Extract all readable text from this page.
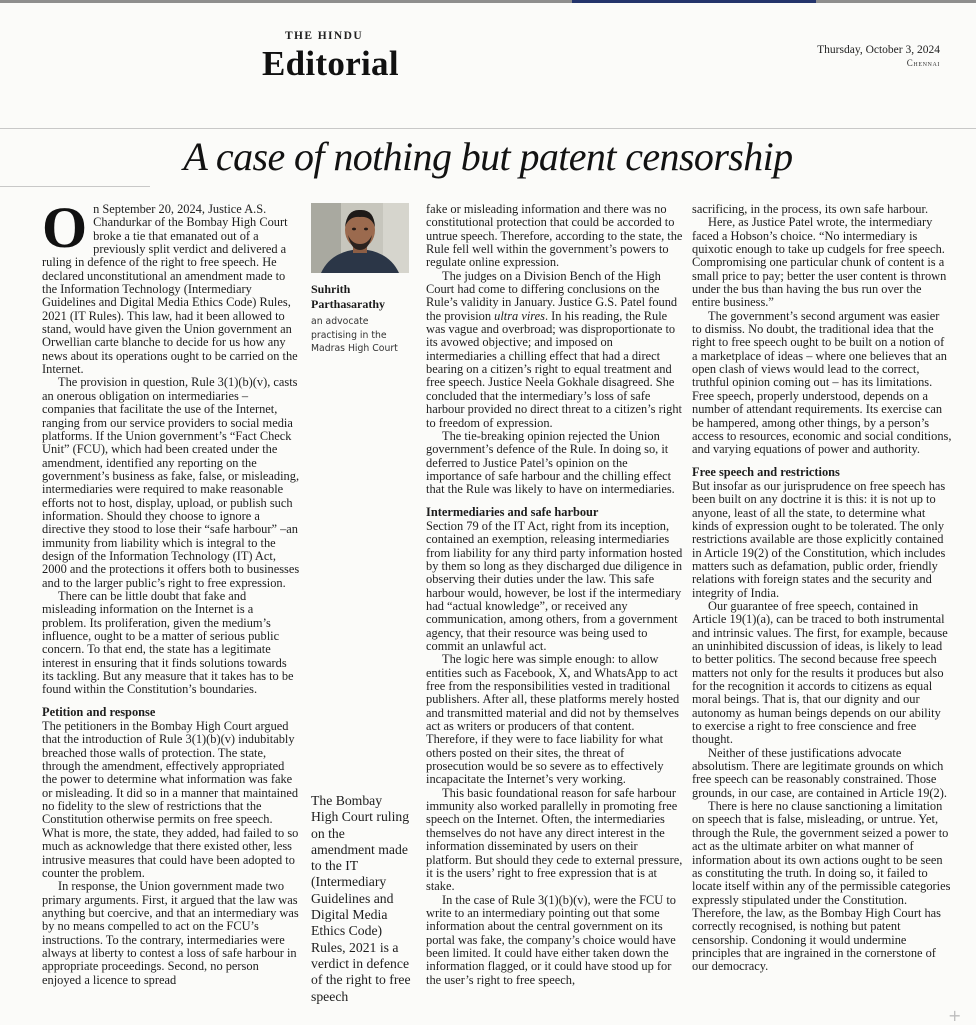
THE HINDU
Editorial	Thursday, October 3, 2024
Chennai
A case of nothing but patent censorship

On September 20, 2024, Justice A.S. Chandurkar of the Bombay High Court broke a tie that emanated out of a previously split verdict and delivered a ruling in defence of the right to free speech. He declared unconstitutional an amendment made to the Information Technology (Intermediary Guidelines and Digital Media Ethics Code) Rules, 2021 (IT Rules). This law, had it been allowed to stand, would have given the Union government an Orwellian carte blanche to decide for us how any news about its operations ought to be carried on the Internet.

The provision in question, Rule 3(1)(b)(v), casts an onerous obligation on intermediaries – companies that facilitate the use of the Internet, ranging from our service providers to social media platforms. If the Union government’s “Fact Check Unit” (FCU), which had been created under the amendment, identified any reporting on the government’s business as fake, false, or misleading, intermediaries were required to make reasonable efforts not to host, display, upload, or publish such information. Should they choose to ignore a directive they stood to lose their “safe harbour” –an immunity from liability which is integral to the design of the Information Technology (IT) Act, 2000 and the protections it offers both to businesses and to the larger public’s right to free expression.

There can be little doubt that fake and misleading information on the Internet is a problem. Its proliferation, given the medium’s influence, ought to be a matter of serious public concern. To that end, the state has a legitimate interest in ensuring that it finds solutions towards its tackling. But any measure that it takes has to be found within the Constitution’s boundaries.

Petition and response

The petitioners in the Bombay High Court argued that the introduction of Rule 3(1)(b)(v) indubitably breached those walls of protection. The state, through the amendment, effectively appropriated the power to determine what information was fake or misleading. It did so in a manner that maintained no fidelity to the slew of restrictions that the Constitution otherwise permits on free speech. What is more, the state, they added, had failed to so much as acknowledge that there existed other, less intrusive measures that could have been adopted to counter the problem.

In response, the Union government made two primary arguments. First, it argued that the law was anything but coercive, and that an intermediary was by no means compelled to act on the FCU’s instructions. To the contrary, intermediaries were always at liberty to contest a loss of safe harbour in appropriate proceedings. Second, no person enjoyed a licence to spread

Suhrith Parthasarathy
an advocate practising in the Madras High Court
The Bombay High Court ruling on the amendment made to the IT (Intermediary Guidelines and Digital Media Ethics Code) Rules, 2021 is a verdict in defence of the right to free speech

fake or misleading information and there was no constitutional protection that could be accorded to untrue speech. Therefore, according to the state, the Rule fell well within the government’s powers to regulate online expression.

The judges on a Division Bench of the High Court had come to differing conclusions on the Rule’s validity in January. Justice G.S. Patel found the provision ultra vires. In his reading, the Rule was vague and overbroad; was disproportionate to its avowed objective; and imposed on intermediaries a chilling effect that had a direct bearing on a citizen’s right to equal treatment and free speech. Justice Neela Gokhale disagreed. She concluded that the intermediary’s loss of safe harbour provided no direct threat to a citizen’s right to freedom of expression.

The tie-breaking opinion rejected the Union government’s defence of the Rule. In doing so, it deferred to Justice Patel’s opinion on the importance of safe harbour and the chilling effect that the Rule was likely to have on intermediaries.

Intermediaries and safe harbour

Section 79 of the IT Act, right from its inception, contained an exemption, releasing intermediaries from liability for any third party information hosted by them so long as they discharged due diligence in observing their duties under the law. This safe harbour would, however, be lost if the intermediary had “actual knowledge”, or received any communication, among others, from a government agency, that their resource was being used to commit an unlawful act.

The logic here was simple enough: to allow entities such as Facebook, X, and WhatsApp to act free from the responsibilities vested in traditional publishers. After all, these platforms merely hosted and transmitted material and did not by themselves act as writers or producers of that content. Therefore, if they were to face liability for what others posted on their sites, the threat of prosecution would be so severe as to effectively incapacitate the Internet’s very working.

This basic foundational reason for safe harbour immunity also worked parallelly in promoting free speech on the Internet. Often, the intermediaries themselves do not have any direct interest in the information disseminated by users on their platform. But should they cede to external pressure, it is the users’ right to free expression that is at stake.

In the case of Rule 3(1)(b)(v), were the FCU to write to an intermediary pointing out that some information about the central government on its portal was fake, the company’s choice would have been limited. It could have either taken down the information flagged, or it could have stood up for the user’s right to free speech,

sacrificing, in the process, its own safe harbour.

Here, as Justice Patel wrote, the intermediary faced a Hobson’s choice. “No intermediary is quixotic enough to take up cudgels for free speech. Compromising one particular chunk of content is a small price to pay; better the user content is thrown under the bus than having the bus run over the entire business.”

The government’s second argument was easier to dismiss. No doubt, the traditional idea that the right to free speech ought to be built on a notion of a marketplace of ideas – where one believes that an open clash of views would lead to the correct, truthful opinion coming out – has its limitations. Free speech, properly understood, depends on a number of attendant requirements. Its exercise can be hampered, among other things, by a person’s access to resources, economic and social conditions, and varying equations of power and authority.

Free speech and restrictions

But insofar as our jurisprudence on free speech has been built on any doctrine it is this: it is not up to anyone, least of all the state, to determine what kinds of expression ought to be tolerated. The only restrictions available are those explicitly contained in Article 19(2) of the Constitution, which includes matters such as defamation, public order, friendly relations with foreign states and the security and integrity of India.

Our guarantee of free speech, contained in Article 19(1)(a), can be traced to both instrumental and intrinsic values. The first, for example, because an uninhibited discussion of ideas, is likely to lead to better politics. The second because free speech matters not only for the results it produces but also for the recognition it accords to citizens as equal moral beings. That is, that our dignity and our autonomy as human beings depends on our ability to exercise a right to free conscience and free thought.

Neither of these justifications advocate absolutism. There are legitimate grounds on which free speech can be reasonably constrained. Those grounds, in our case, are contained in Article 19(2).

There is here no clause sanctioning a limitation on speech that is false, misleading, or untrue. Yet, through the Rule, the government seized a power to act as the ultimate arbiter on what manner of information about its own actions ought to be seen as constituting the truth. In doing so, it failed to locate itself within any of the permissible categories expressly stipulated under the Constitution. Therefore, the law, as the Bombay High Court has correctly recognised, is nothing but patent censorship. Condoning it would undermine principles that are ingrained in the cornerstone of our democracy.

+
